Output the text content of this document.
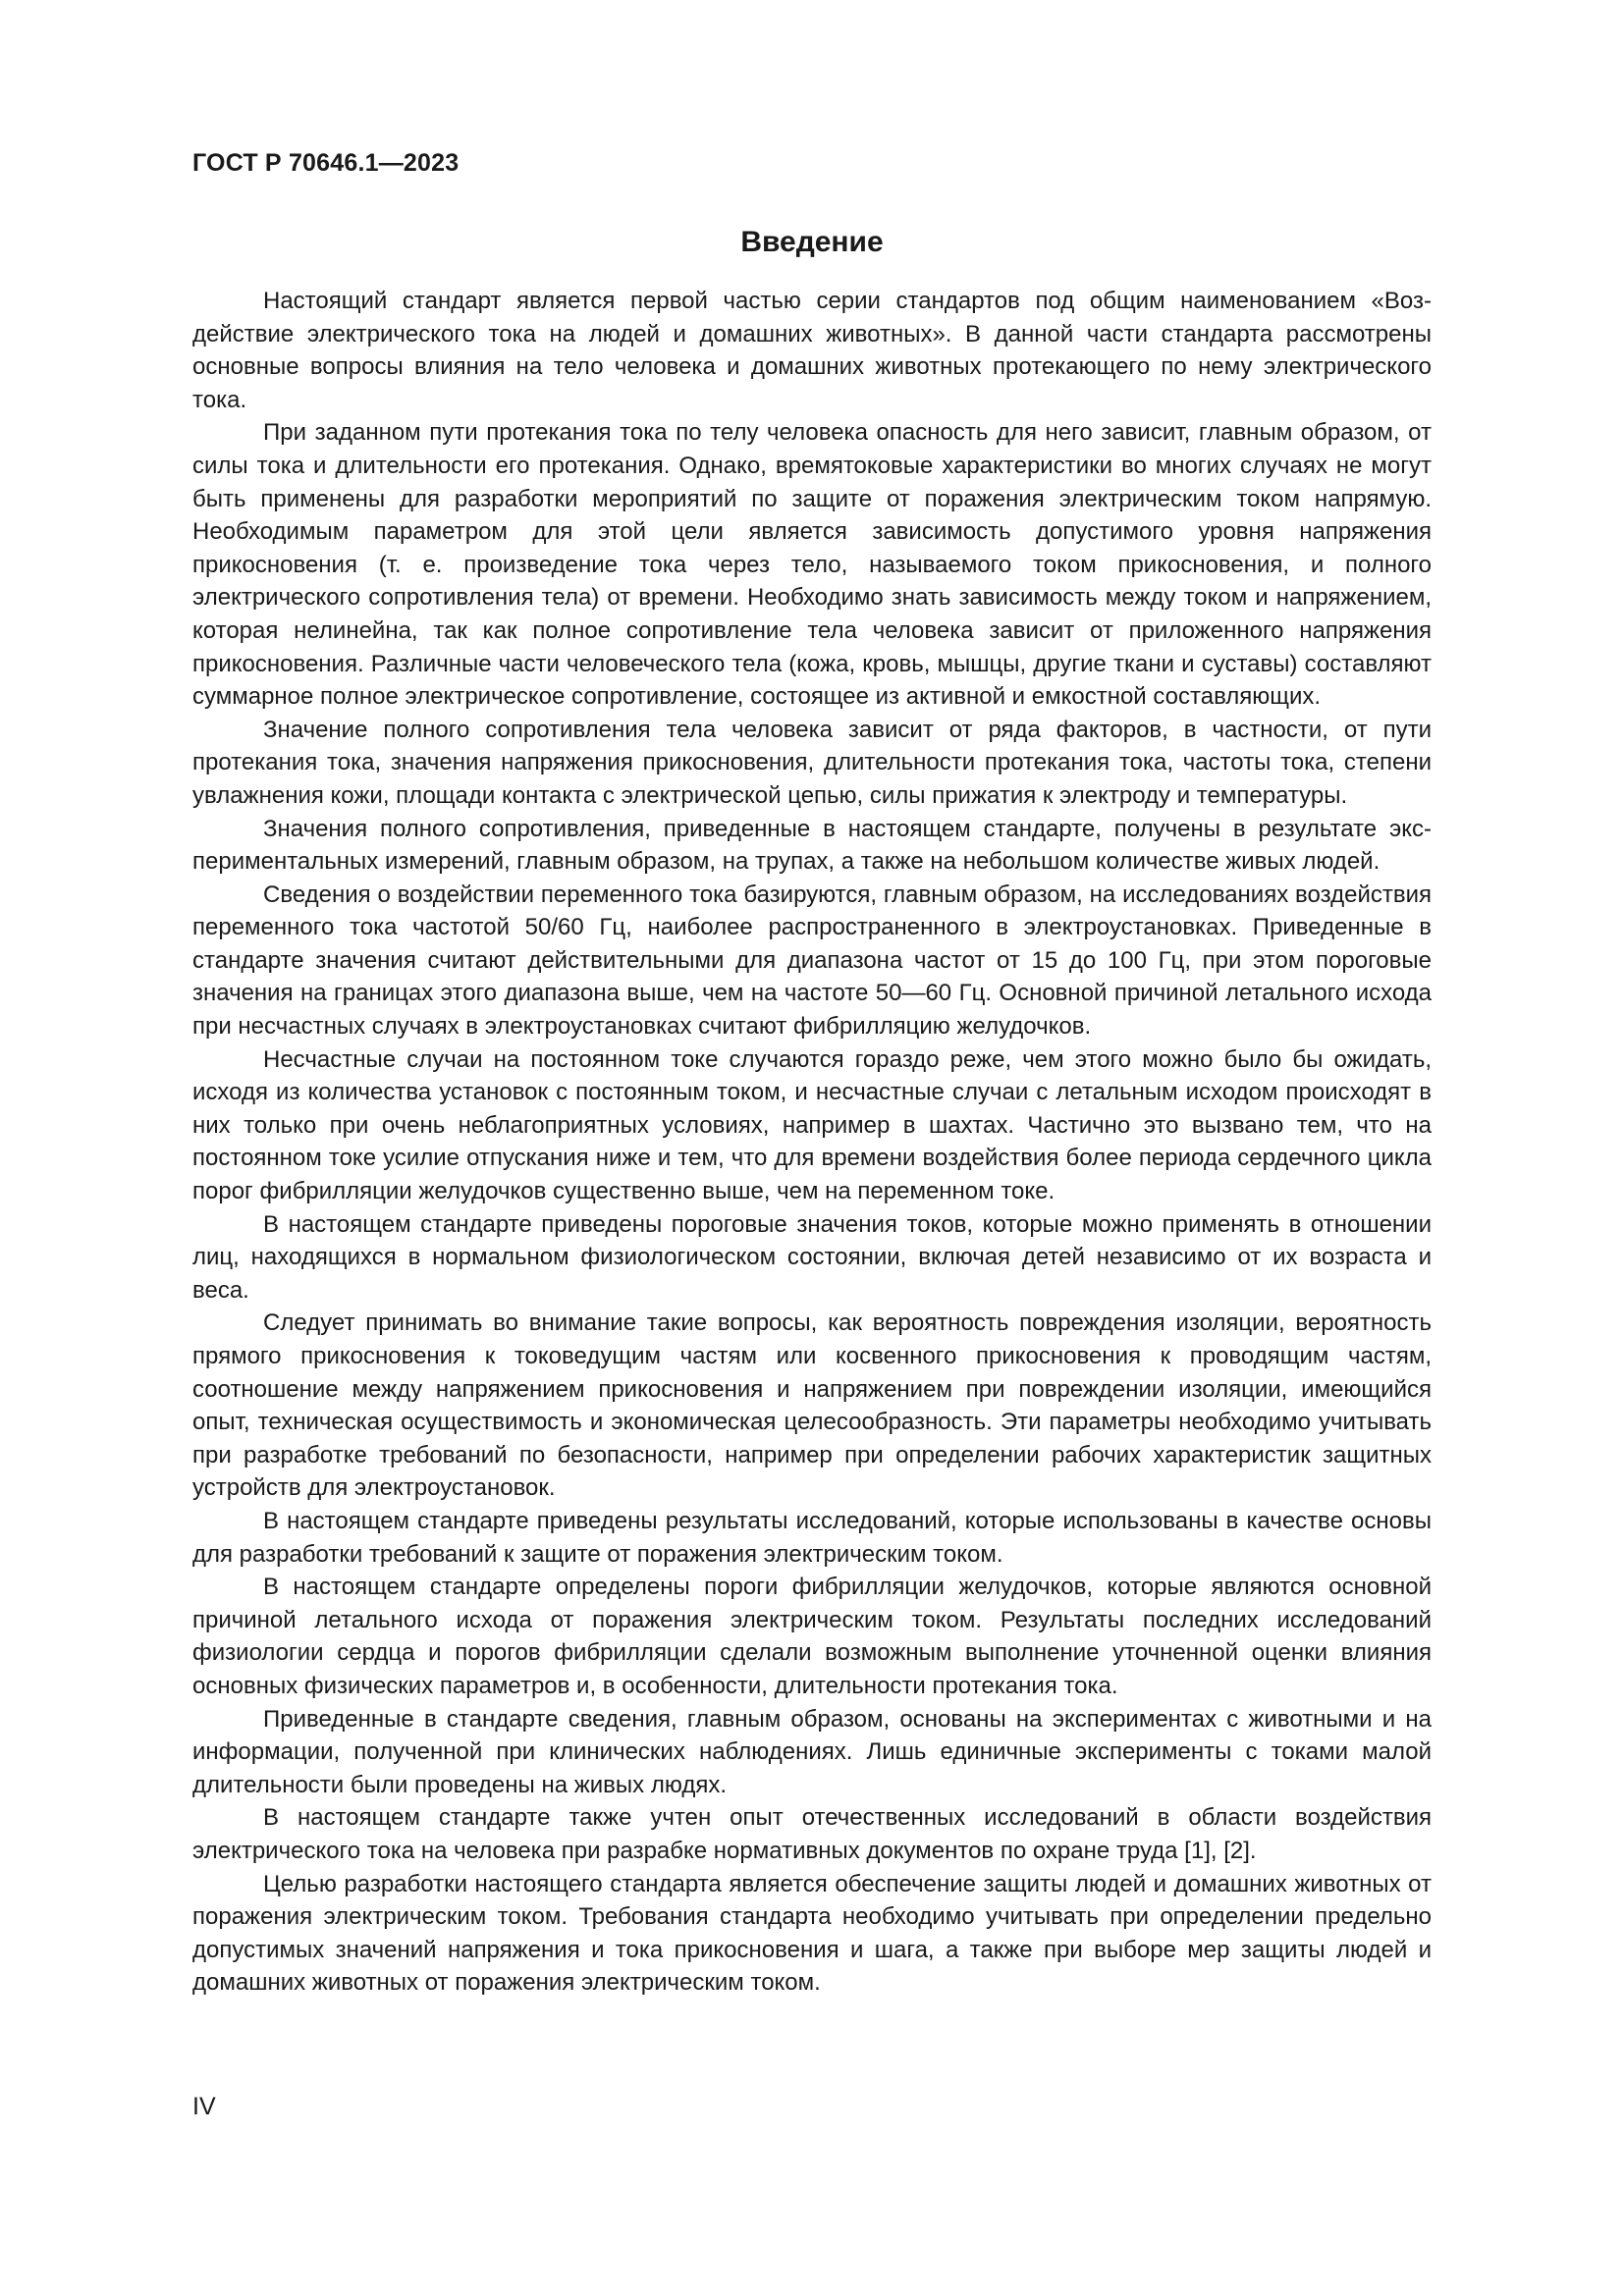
ГОСТ Р 70646.1—2023
Введение

Настоящий стандарт является первой частью серии стандартов под общим наименованием «Воздействие электрического тока на людей и домашних животных». В данной части стандарта рассмотрены основные вопросы влияния на тело человека и домашних животных протекающего по нему электрического тока.

При заданном пути протекания тока по телу человека опасность для него зависит, главным образом, от силы тока и длительности его протекания. Однако, времятоковые характеристики во многих случаях не могут быть применены для разработки мероприятий по защите от поражения электрическим током напрямую. Необходимым параметром для этой цели является зависимость допустимого уровня напряжения прикосновения (т. е. произведение тока через тело, называемого током прикосновения, и полного электрического сопротивления тела) от времени. Необходимо знать зависимость между током и напряжением, которая нелинейна, так как полное сопротивление тела человека зависит от приложенного напряжения прикосновения. Различные части человеческого тела (кожа, кровь, мышцы, другие ткани и суставы) составляют суммарное полное электрическое сопротивление, состоящее из активной и емкостной составляющих.

Значение полного сопротивления тела человека зависит от ряда факторов, в частности, от пути протекания тока, значения напряжения прикосновения, длительности протекания тока, частоты тока, степени увлажнения кожи, площади контакта с электрической цепью, силы прижатия к электроду и температуры.

Значения полного сопротивления, приведенные в настоящем стандарте, получены в результате экспериментальных измерений, главным образом, на трупах, а также на небольшом количестве живых людей.

Сведения о воздействии переменного тока базируются, главным образом, на исследованиях воздействия переменного тока частотой 50/60 Гц, наиболее распространенного в электроустановках. Приведенные в стандарте значения считают действительными для диапазона частот от 15 до 100 Гц, при этом пороговые значения на границах этого диапазона выше, чем на частоте 50—60 Гц. Основной причиной летального исхода при несчастных случаях в электроустановках считают фибрилляцию желудочков.

Несчастные случаи на постоянном токе случаются гораздо реже, чем этого можно было бы ожидать, исходя из количества установок с постоянным током, и несчастные случаи с летальным исходом происходят в них только при очень неблагоприятных условиях, например в шахтах. Частично это вызвано тем, что на постоянном токе усилие отпускания ниже и тем, что для времени воздействия более периода сердечного цикла порог фибрилляции желудочков существенно выше, чем на переменном токе.

В настоящем стандарте приведены пороговые значения токов, которые можно применять в отношении лиц, находящихся в нормальном физиологическом состоянии, включая детей независимо от их возраста и веса.

Следует принимать во внимание такие вопросы, как вероятность повреждения изоляции, вероятность прямого прикосновения к токоведущим частям или косвенного прикосновения к проводящим частям, соотношение между напряжением прикосновения и напряжением при повреждении изоляции, имеющийся опыт, техническая осуществимость и экономическая целесообразность. Эти параметры необходимо учитывать при разработке требований по безопасности, например при определении рабочих характеристик защитных устройств для электроустановок.

В настоящем стандарте приведены результаты исследований, которые использованы в качестве основы для разработки требований к защите от поражения электрическим током.

В настоящем стандарте определены пороги фибрилляции желудочков, которые являются основной причиной летального исхода от поражения электрическим током. Результаты последних исследований физиологии сердца и порогов фибрилляции сделали возможным выполнение уточненной оценки влияния основных физических параметров и, в особенности, длительности протекания тока.

Приведенные в стандарте сведения, главным образом, основаны на экспериментах с животными и на информации, полученной при клинических наблюдениях. Лишь единичные эксперименты с токами малой длительности были проведены на живых людях.

В настоящем стандарте также учтен опыт отечественных исследований в области воздействия электрического тока на человека при разрабке нормативных документов по охране труда [1], [2].

Целью разработки настоящего стандарта является обеспечение защиты людей и домашних животных от поражения электрическим током. Требования стандарта необходимо учитывать при определении предельно допустимых значений напряжения и тока прикосновения и шага, а также при выборе мер защиты людей и домашних животных от поражения электрическим током.

IV
